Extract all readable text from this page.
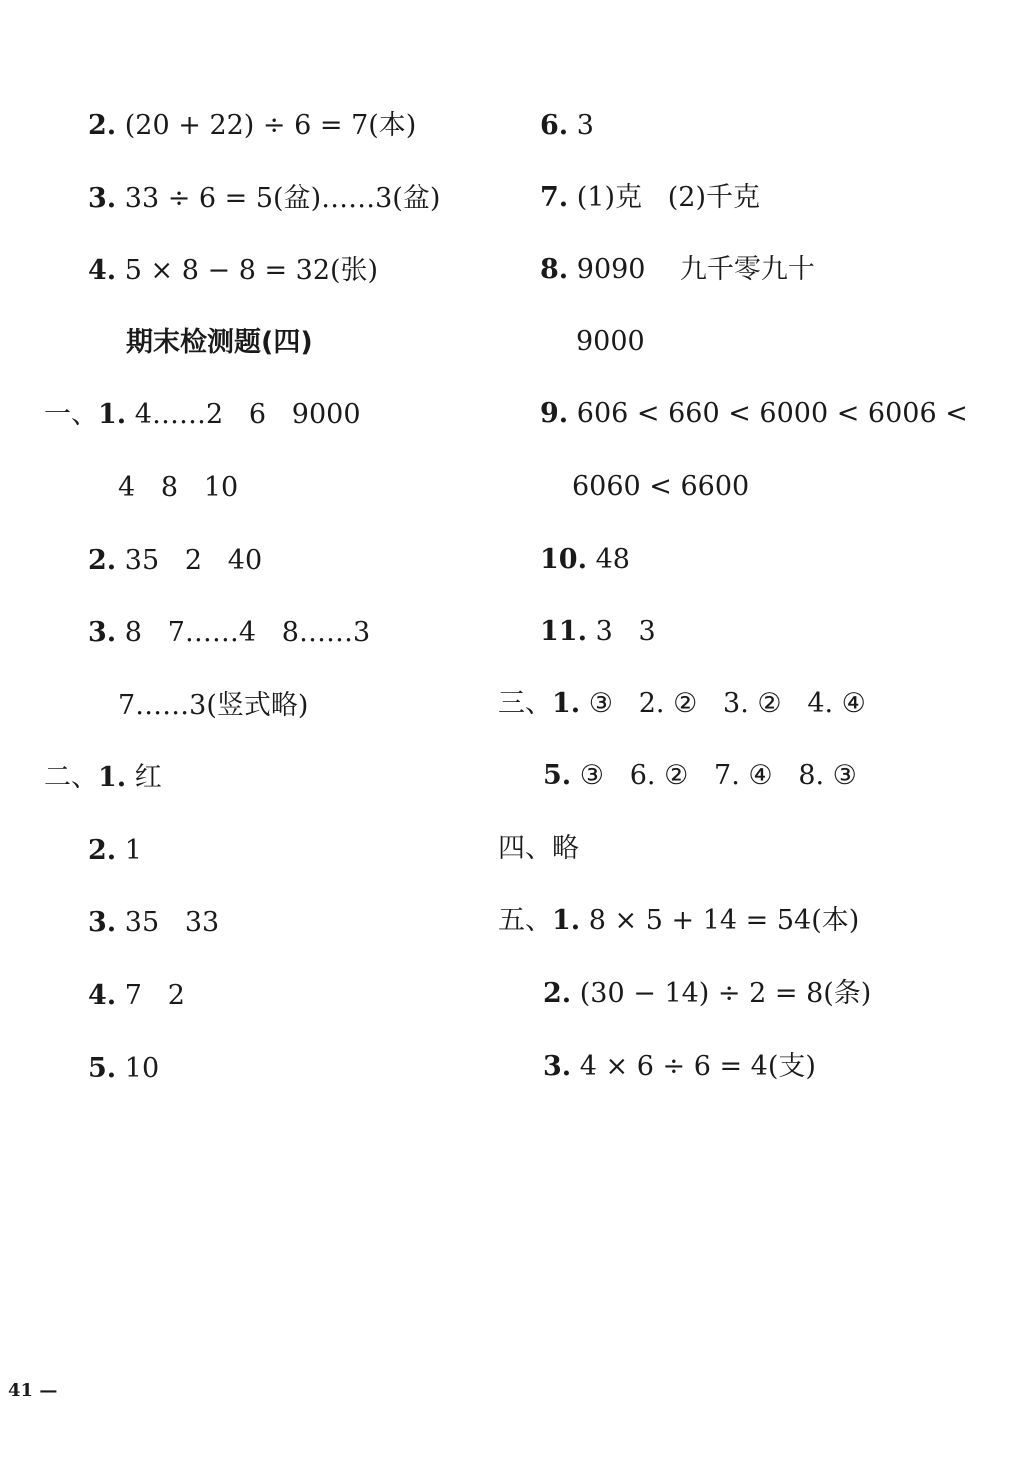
2. (20 + 22) ÷ 6 = 7(本)
3. 33 ÷ 6 = 5(盆)……3(盆)
4. 5 × 8 − 8 = 32(张)
期末检测题(四)
一、1. 4……2   6   9000
4   8   10
2. 35   2   40
3. 8   7……4   8……3
7……3(竖式略)
二、1. 红
2. 1
3. 35   33
4. 7   2
5. 10
6. 3
7. (1)克   (2)千克
8. 9090    九千零九十
9000
9. 606 < 660 < 6000 < 6006 <
6060 < 6600
10. 48
11. 3   3
三、1. ③   2. ②   3. ②   4. ④
5. ③   6. ②   7. ④   8. ③
四、略
五、1. 8 × 5 + 14 = 54(本)
2. (30 − 14) ÷ 2 = 8(条)
3. 4 × 6 ÷ 6 = 4(支)
41 —
